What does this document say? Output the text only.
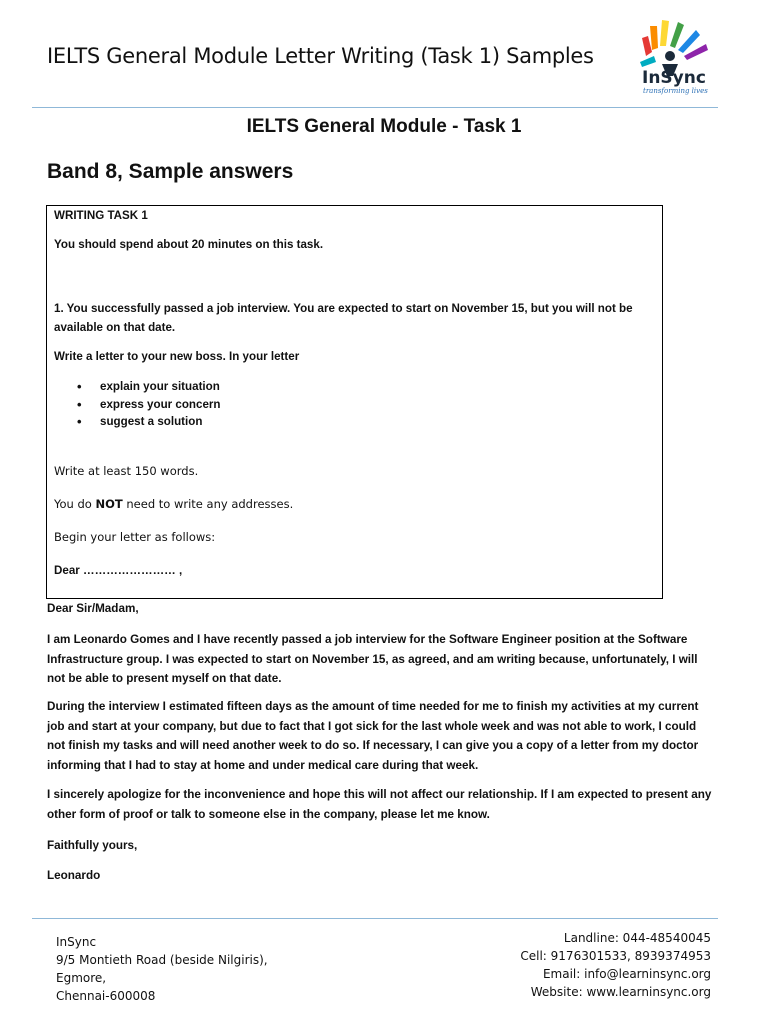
IELTS General Module Letter Writing (Task 1) Samples
InSync
transforming lives
IELTS General Module - Task 1
Band 8, Sample answers

WRITING TASK 1

You should spend about 20 minutes on this task.

1. You successfully passed a job interview. You are expected to start on November 15, but you will not be available on that date.

Write a letter to your new boss. In your letter

• explain your situation
• express your concern
• suggest a solution

Write at least 150 words.

You do NOT need to write any addresses.

Begin your letter as follows:

Dear …………………… ,

Dear Sir/Madam,
I am Leonardo Gomes and I have recently passed a job interview for the Software Engineer position at the Software Infrastructure group. I was expected to start on November 15, as agreed, and am writing because, unfortunately, I will not be able to present myself on that date.
During the interview I estimated fifteen days as the amount of time needed for me to finish my activities at my current job and start at your company, but due to fact that I got sick for the last whole week and was not able to work, I could not finish my tasks and will need another week to do so. If necessary, I can give you a copy of a letter from my doctor informing that I had to stay at home and under medical care during that week.
I sincerely apologize for the inconvenience and hope this will not affect our relationship. If I am expected to present any other form of proof or talk to someone else in the company, please let me know.
Faithfully yours,
Leonardo
InSync
9/5 Montieth Road (beside Nilgiris),
Egmore,
Chennai-600008
Landline: 044-48540045
Cell: 9176301533, 8939374953
Email: info@learninsync.org
Website: www.learninsync.org
